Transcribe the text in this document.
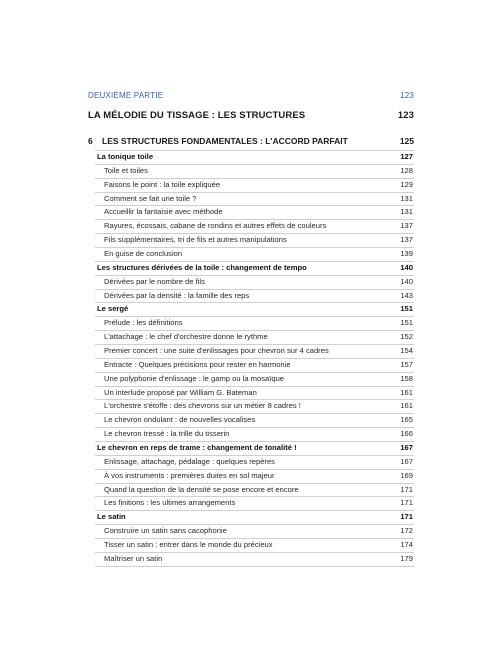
DEUXIÈME PARTIE	123
LA MÉLODIE DU TISSAGE : LES STRUCTURES	123
6 LES STRUCTURES FONDAMENTALES : L'ACCORD PARFAIT	125
La tonique toile	127
Toile et toiles	128
Faisons le point : la toile expliquée	129
Comment se fait une toile ?	131
Accueillir la fantaisie avec méthode	131
Rayures, écossais, cabane de rondins et autres effets de couleurs	137
Fils supplémentaires, tri de fils et autres manipulations	137
En guise de conclusion	139
Les structures dérivées de la toile : changement de tempo	140
Dérivées par le nombre de fils	140
Dérivées par la densité : la famille des reps	143
Le sergé	151
Prélude : les définitions	151
L'attachage : le chef d'orchestre donne le rythme	152
Premier concert : une suite d'enlissages pour chevron sur 4 cadres	154
Entracte : Quelques précisions pour rester en harmonie	157
Une polyphonie d'enlissage : le gamp ou la mosaïque	158
Un interlude proposé par William G. Bateman	161
L'orchestre s'étoffe : des chevrons sur un métier 8 cadres !	161
Le chevron ondulant : de nouvelles vocalises	165
Le chevron tressé : la trille du tisserin	166
Le chevron en reps de trame : changement de tonalité !	167
Enlissage, attachage, pédalage : quelques repères	167
À vos instruments : premières duites en sol majeur	169
Quand la question de la densité se pose encore et encore	171
Les finitions : les ultimes arrangements	171
Le satin	171
Construire un satin sans cacophonie	172
Tisser un satin : entrer dans le monde du précieux	174
Maîtriser un satin	179
